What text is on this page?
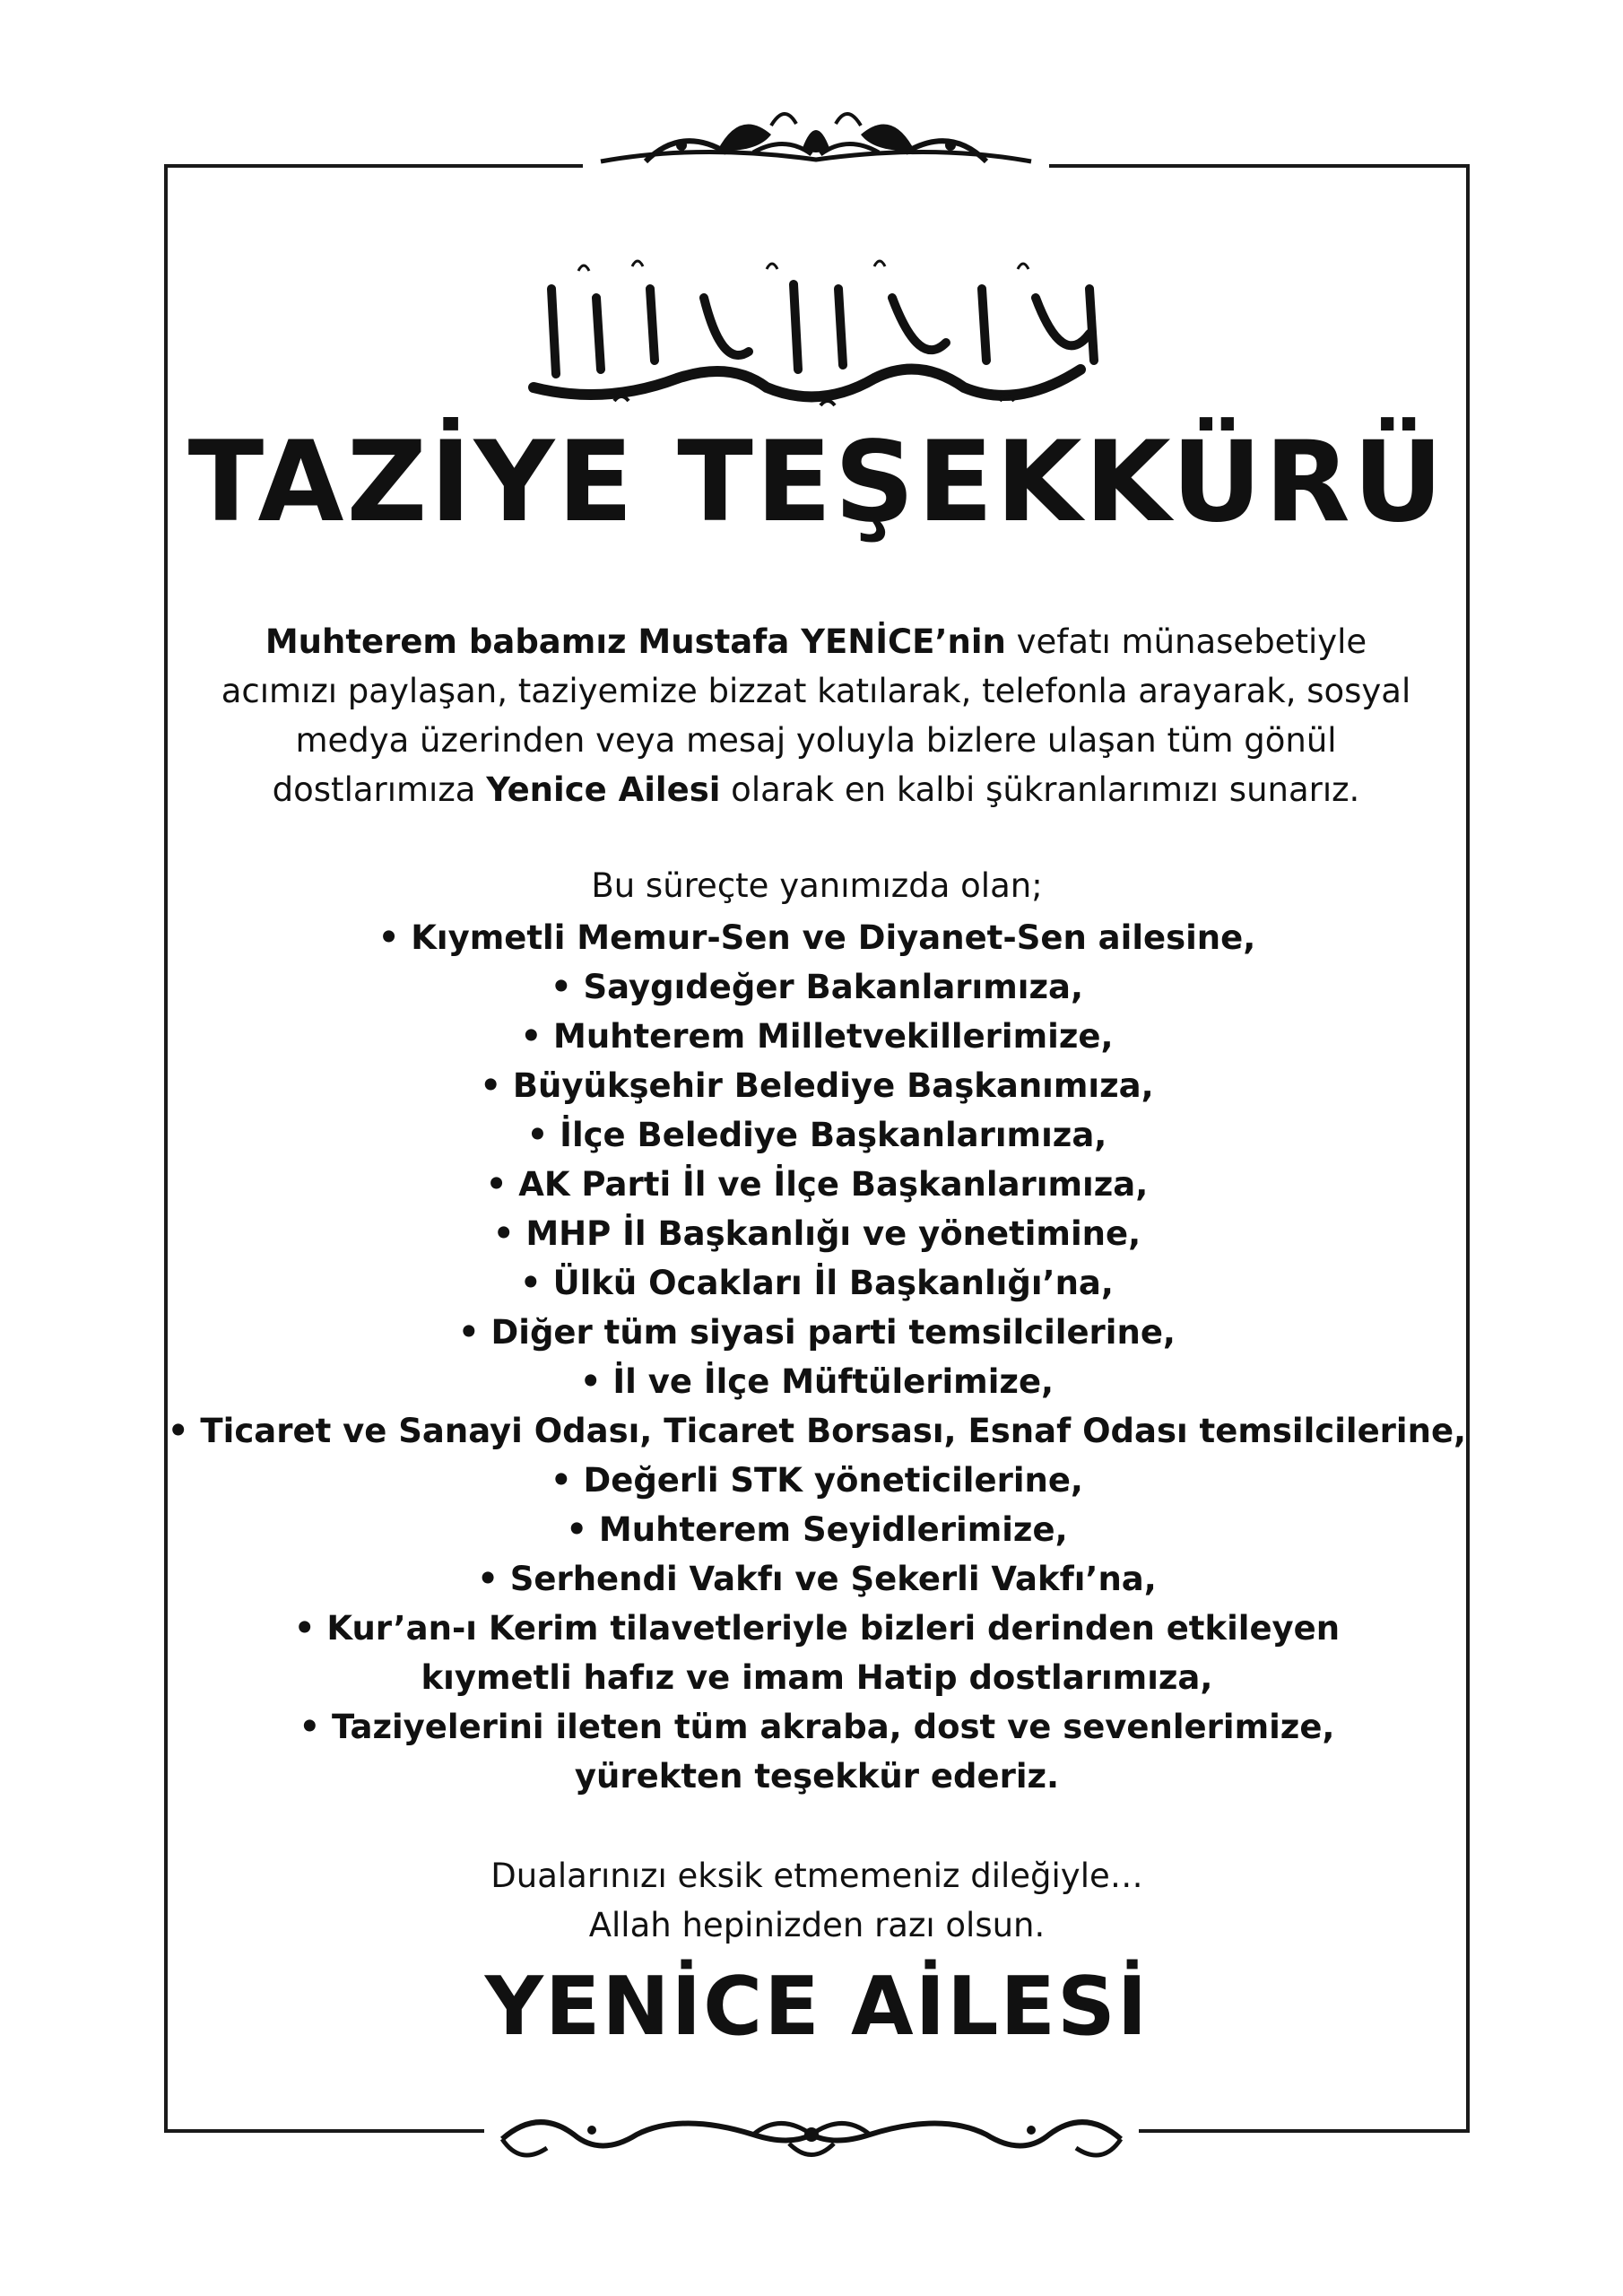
TAZİYE TEŞEKKÜRÜ
Muhterem babamız Mustafa YENİCE’nin vefatı münasebetiyle acımızı paylaşan, taziyemize bizzat katılarak, telefonla arayarak, sosyal medya üzerinden veya mesaj yoluyla bizlere ulaşan tüm gönül dostlarımıza Yenice Ailesi olarak en kalbi şükranlarımızı sunarız.
Bu süreçte yanımızda olan;
• Kıymetli Memur-Sen ve Diyanet-Sen ailesine,
• Saygıdeğer Bakanlarımıza,
• Muhterem Milletvekillerimize,
• Büyükşehir Belediye Başkanımıza,
• İlçe Belediye Başkanlarımıza,
• AK Parti İl ve İlçe Başkanlarımıza,
• MHP İl Başkanlığı ve yönetimine,
• Ülkü Ocakları İl Başkanlığı’na,
• Diğer tüm siyasi parti temsilcilerine,
• İl ve İlçe Müftülerimize,
• Ticaret ve Sanayi Odası, Ticaret Borsası, Esnaf Odası temsilcilerine,
• Değerli STK yöneticilerine,
• Muhterem Seyidlerimize,
• Serhendi Vakfı ve Şekerli Vakfı’na,
• Kur’an-ı Kerim tilavetleriyle bizleri derinden etkileyen
kıymetli hafız ve imam Hatip dostlarımıza,
• Taziyelerini ileten tüm akraba, dost ve sevenlerimize,
yürekten teşekkür ederiz.
Dualarınızı eksik etmemeniz dileğiyle…
Allah hepinizden razı olsun.
YENİCE AİLESİ
